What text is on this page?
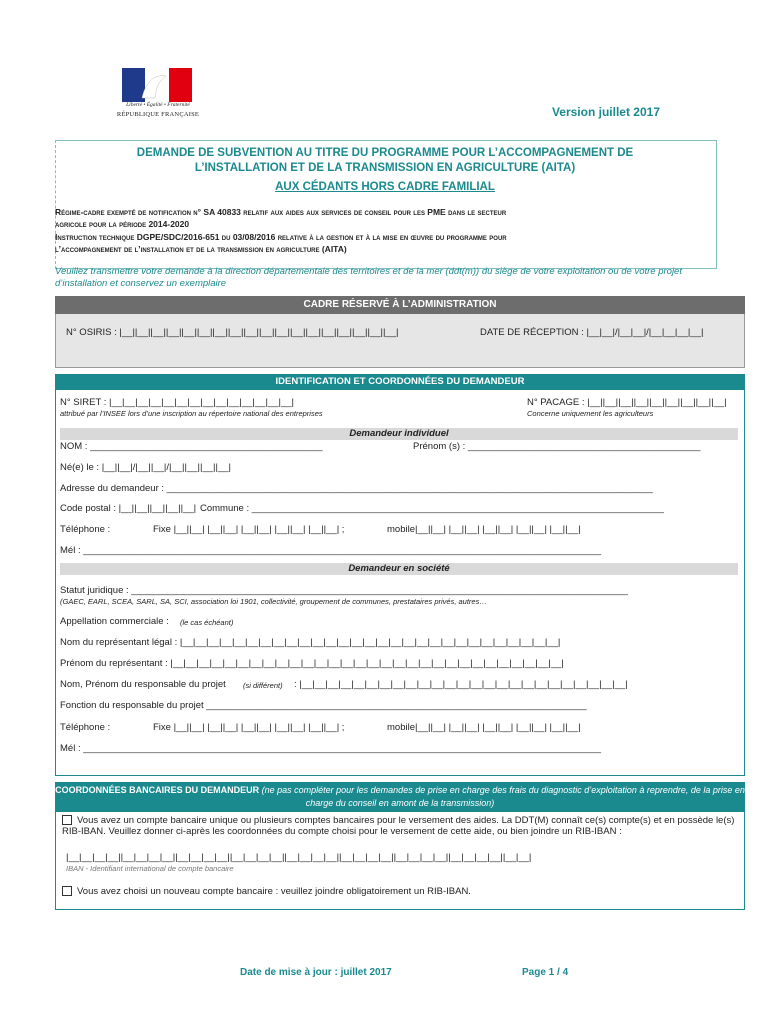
Liberté • Égalité • Fraternité
RÉPUBLIQUE FRANÇAISE	Version juillet 2017
DEMANDE DE SUBVENTION AU TITRE DU PROGRAMME POUR L’ACCOMPAGNEMENT DE
L’INSTALLATION ET DE LA TRANSMISSION EN AGRICULTURE (AITA)
AUX CÉDANTS HORS CADRE FAMILIAL
Régime-cadre exempté de notification n° SA 40833 relatif aux aides aux services de conseil pour les PME dans le secteur
agricole pour la période 2014-2020
Instruction technique DGPE/SDC/2016-651 du 03/08/2016 relative à la gestion et à la mise en œuvre du programme pour
l’accompagnement de l’installation et de la transmission en agriculture (AITA)
Veuillez transmettre votre demande à la direction départementale des territoires et de la mer (ddt(m)) du siège de votre exploitation ou de votre projet d’installation et conservez un exemplaire
CADRE RÉSERVÉ À L’ADMINISTRATION
N° OSIRIS : |__||__||__||__||__||__||__||__||__||__||__||__||__||__||__||__||__||__|	DATE DE RÉCEPTION : |__|__|/|__|__|/|__|__|__|__|
IDENTIFICATION ET COORDONNÉES DU DEMANDEUR
N° SIRET : |__|__|__|__|__|__|__|__|__|__|__|__|__|__|
attribué par l’INSEE lors d’une inscription au répertoire national des entreprises
N° PACAGE : |__||__||__||__||__||__||__||__||__|
Concerne uniquement les agriculteurs
Demandeur individuel
NOM : ____________________________________________	Prénom (s) : ____________________________________________
Né(e) le : |__||__|/|__||__|/|__||__||__||__|
Adresse du demandeur : ____________________________________________________________________________________________
Code postal : |__||__||__||__||__| Commune : ______________________________________________________________________________
Téléphone :	Fixe |__||__| |__||__| |__||__| |__||__| |__||__| ;	mobile|__||__| |__||__| |__||__| |__||__| |__||__|
Mél : __________________________________________________________________________________________________
Demandeur en société
Statut juridique : ______________________________________________________________________________________________
(GAEC, EARL, SCEA, SARL, SA, SCI, association loi 1901, collectivité, groupement de communes, prestataires privés, autres…
Appellation commerciale : (le cas échéant)
Nom du représentant légal : |__|__|__|__|__|__|__|__|__|__|__|__|__|__|__|__|__|__|__|__|__|__|__|__|__|__|__|__|__|
Prénom du représentant : |__|__|__|__|__|__|__|__|__|__|__|__|__|__|__|__|__|__|__|__|__|__|__|__|__|__|__|__|__|__|
Nom, Prénom du responsable du projet (si différent) : |__|__|__|__|__|__|__|__|__|__|__|__|__|__|__|__|__|__|__|__|__|__|__|__|__|
Fonction du responsable du projet ________________________________________________________________________
Téléphone :	Fixe |__||__| |__||__| |__||__| |__||__| |__||__| ;	mobile|__||__| |__||__| |__||__| |__||__| |__||__|
Mél : __________________________________________________________________________________________________
COORDONNÉES BANCAIRES DU DEMANDEUR (ne pas compléter pour les demandes de prise en charge des frais du diagnostic d’exploitation à reprendre, de la prise en charge du conseil en amont de la transmission)
Vous avez un compte bancaire unique ou plusieurs comptes bancaires pour le versement des aides. La DDT(M) connaît ce(s) compte(s) et en possède le(s) RIB-IBAN. Veuillez donner ci-après les coordonnées du compte choisi pour le versement de cette aide, ou bien joindre un RIB-IBAN :
|__|__|__|__||__|__|__|__||__|__|__|__||__|__|__|__||__|__|__|__||__|__|__|__||__|__|__|__||__|__|__|__||__|__|
IBAN - Identifiant international de compte bancaire
Vous avez choisi un nouveau compte bancaire : veuillez joindre obligatoirement un RIB-IBAN.
Date de mise à jour : juillet 2017	Page 1 / 4
